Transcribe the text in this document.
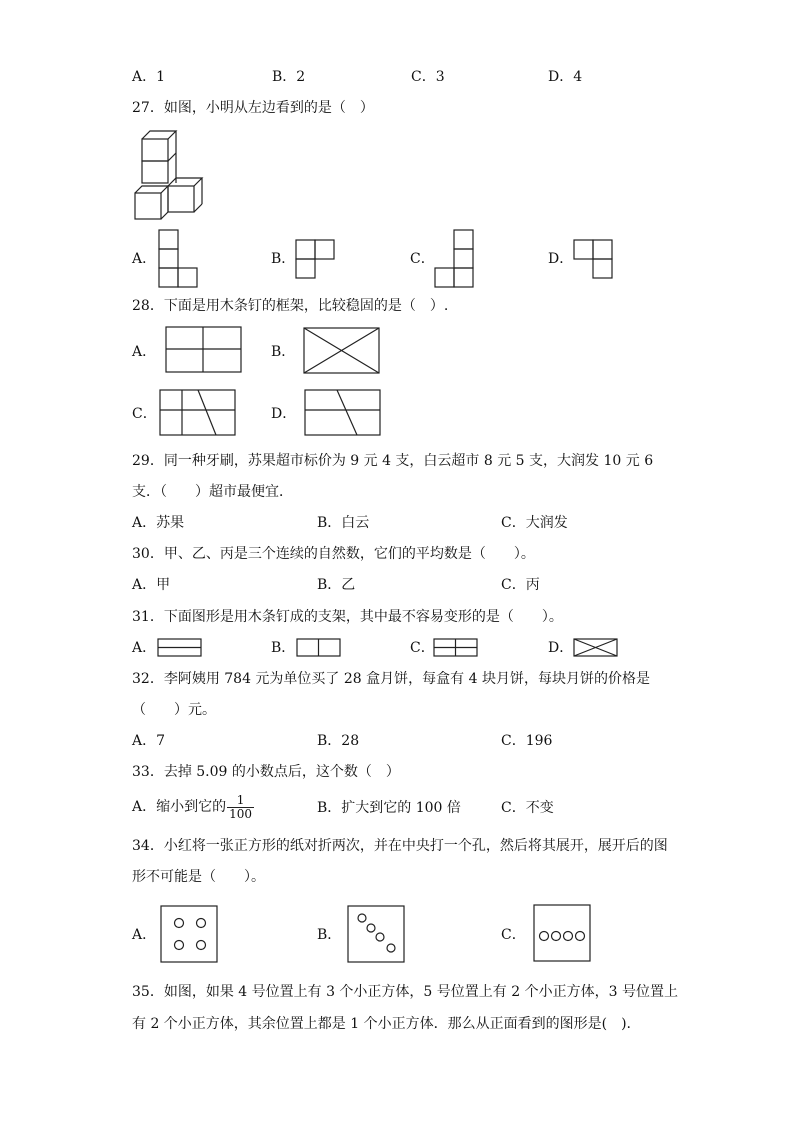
A．1	B．2	C．3	D．4
27．如图，小明从左边看到的是（　）
A．	B．	C．	D．
28．下面是用木条钉的框架，比较稳固的是（　）.
A．	B．
C．	D．
29．同一种牙刷，苏果超市标价为 9 元 4 支，白云超市 8 元 5 支，大润发 10 元 6
支．（　　）超市最便宜．
A．苏果	B．白云	C．大润发
30．甲、乙、丙是三个连续的自然数，它们的平均数是（　　）。
A．甲	B．乙	C．丙
31．下面图形是用木条钉成的支架，其中最不容易变形的是（　　）。
A．	B．	C．	D．
32．李阿姨用 784 元为单位买了 28 盒月饼，每盒有 4 块月饼，每块月饼的价格是
（　　）元。
A．7	B．28	C．196
33．去掉 5.09 的小数点后，这个数（　）
A．缩小到它的 $\frac{1}{100}$	B．扩大到它的 100 倍	C．不变
34．小红将一张正方形的纸对折两次，并在中央打一个孔，然后将其展开，展开后的图
形不可能是（　　）。
A．	B．	C．
35．如图，如果 4 号位置上有 3 个小正方体，5 号位置上有 2 个小正方体，3 号位置上
有 2 个小正方体，其余位置上都是 1 个小正方体．那么从正面看到的图形是(　).
